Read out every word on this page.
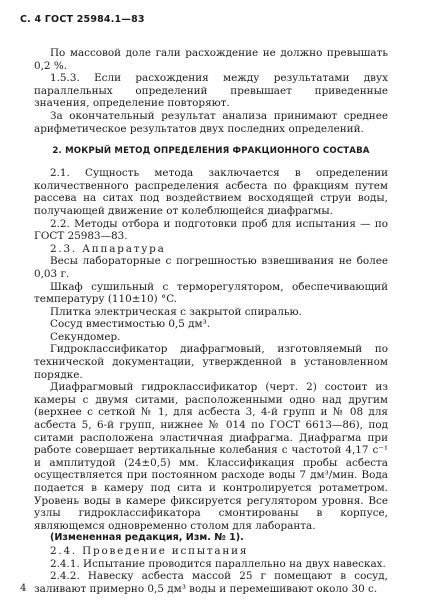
С. 4 ГОСТ 25984.1—83

По массовой доле гали расхождение не должно превышать 0,2 %.

1.5.3. Если расхождения между результатами двух параллельных определений превышает приведенные значения, определение повторяют.

За окончательный результат анализа принимают среднее арифметическое результатов двух последних определений.

2. МОКРЫЙ МЕТОД ОПРЕДЕЛЕНИЯ ФРАКЦИОННОГО СОСТАВА

2.1. Сущность метода заключается в определении количественного распределения асбеста по фракциям путем рассева на ситах под воздействием восходящей струи воды, получающей движение от колеблющейся диафрагмы.

2.2. Методы отбора и подготовки проб для испытания — по ГОСТ 25983—83.

2.3. Аппаратура

Весы лабораторные с погрешностью взвешивания не более 0,03 г.

Шкаф сушильный с терморегулятором, обеспечивающий температуру (110±10) °C.

Плитка электрическая с закрытой спиралью.

Сосуд вместимостью 0,5 дм³.

Секундомер.

Гидроклассификатор диафрагмовый, изготовляемый по технической документации, утвержденной в установленном порядке.

Диафрагмовый гидроклассификатор (черт. 2) состоит из камеры с двумя ситами, расположенными одно над другим (верхнее с сеткой № 1, для асбеста 3, 4-й групп и № 08 для асбеста 5, 6-й групп, нижнее № 014 по ГОСТ 6613—86), под ситами расположена эластичная диафрагма. Диафрагма при работе совершает вертикальные колебания с частотой 4,17 с⁻¹ и амплитудой (24±0,5) мм. Классификация пробы асбеста осуществляется при постоянном расходе воды 7 дм³/мин. Вода подается в камеру под сита и контролируется ротаметром. Уровень воды в камере фиксируется регулятором уровня. Все узлы гидроклассификатора смонтированы в корпусе, являющемся одновременно столом для лаборанта.

(Измененная редакция, Изм. № 1).

2.4. Проведение испытания

2.4.1. Испытание проводится параллельно на двух навесках.

2.4.2. Навеску асбеста массой 25 г помещают в сосуд, заливают примерно 0,5 дм³ воды и перемешивают около 30 с.

4
